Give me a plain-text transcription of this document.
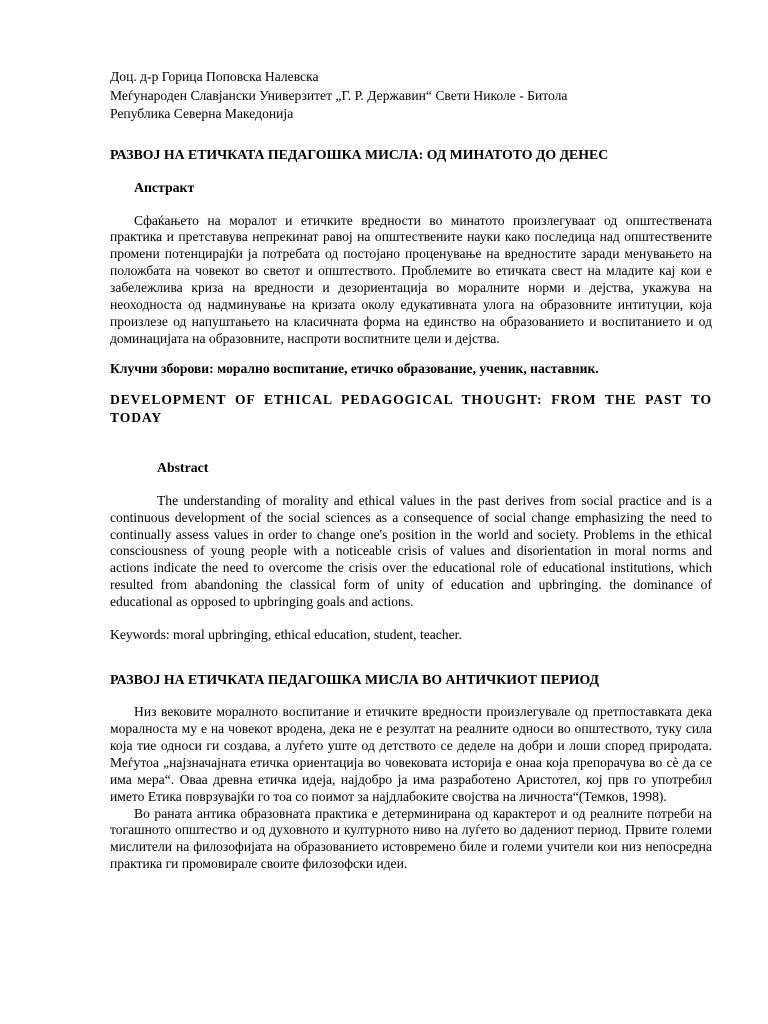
Доц. д-р Горица Поповска Налевска
Меѓународен Славјански Универзитет „Г. Р. Державин“ Свети Николе - Битола
Република Северна Македонија
РАЗВОЈ НА ЕТИЧКАТА ПЕДАГОШКА МИСЛА: ОД МИНАТОТО ДО ДЕНЕС
Апстракт

Сфаќањето на моралот и етичките вредности во минатото произлегуваат од општествената практика и претставува непрекинат равој на општествените науки како последица над општествените промени потенцирајќи ја потребата од постојано проценување на вредностите заради менувањето на положбата на човекот во светот и општеството. Проблемите во етичката свест на младите кај кои е забележлива криза на вредности и дезориентација во моралните норми и дејства, укажува на неоходноста од надминување на кризата околу едукативната улога на образовните интитуции, која произлезе од напуштањето на класичната форма на единство на образованието и воспитанието и од доминацијата на образовните, наспроти воспитните цели и дејства.

Клучни зборови: морално воспитание, етичко образование, ученик, наставник.

DEVELOPMENT OF ETHICAL PEDAGOGICAL THOUGHT: FROM THE PAST TO TODAY
Abstract

The understanding of morality and ethical values in the past derives from social practice and is a continuous development of the social sciences as a consequence of social change emphasizing the need to continually assess values in order to change one's position in the world and society. Problems in the ethical consciousness of young people with a noticeable crisis of values and disorientation in moral norms and actions indicate the need to overcome the crisis over the educational role of educational institutions, which resulted from abandoning the classical form of unity of education and upbringing. the dominance of educational as opposed to upbringing goals and actions.

Keywords: moral upbringing, ethical education, student, teacher.

РАЗВОЈ НА ЕТИЧКАТА ПЕДАГОШКА МИСЛА ВО АНТИЧКИОТ ПЕРИОД

Низ вековите моралното воспитание и етичките вредности произлегувале од претпоставката дека моралноста му е на човекот вродена, дека не е резултат на реалните односи во општеството, туку сила која тие односи ги создава, а луѓето уште од детството се деделе на добри и лоши според природата. Меѓутоа „најзначајната етичка ориентација во човековата историја е онаа која препорачува во сè да се има мера“. Оваа древна етичка идеја, најдобро ја има разработено Аристотел, кој прв го употребил името Етика поврзувајќи го тоа со поимот за најдлабоките својства на личноста“(Темков, 1998).

Во раната антика образовната практика е детерминирана од карактерот и од реалните потреби на тогашното општество и од духовното и културното ниво на луѓето во дадениот период. Првите големи мислители на филозофијата на образованието истовремено биле и големи учители кои низ непосредна практика ги промовирале своите филозофски идеи.
